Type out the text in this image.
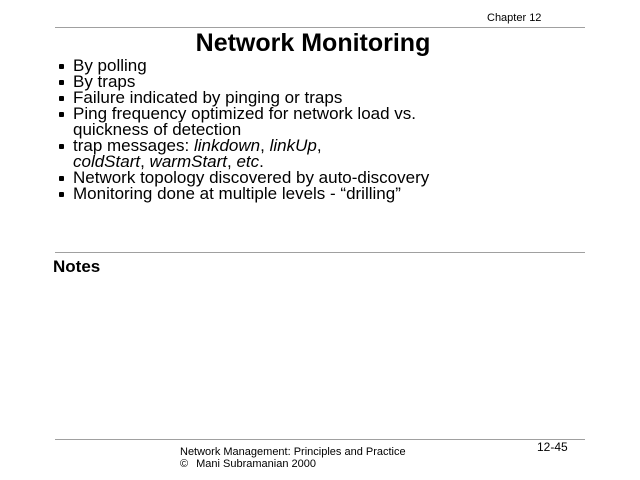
Chapter 12
Network Monitoring
By polling
By traps
Failure indicated by pinging or traps
Ping frequency optimized for network load vs.
quickness of detection
trap messages: linkdown, linkUp,
coldStart, warmStart, etc.
Network topology discovered by auto-discovery
Monitoring done at multiple levels - “drilling”
Notes
Network Management: Principles and Practice
© Mani Subramanian 2000
12-45
